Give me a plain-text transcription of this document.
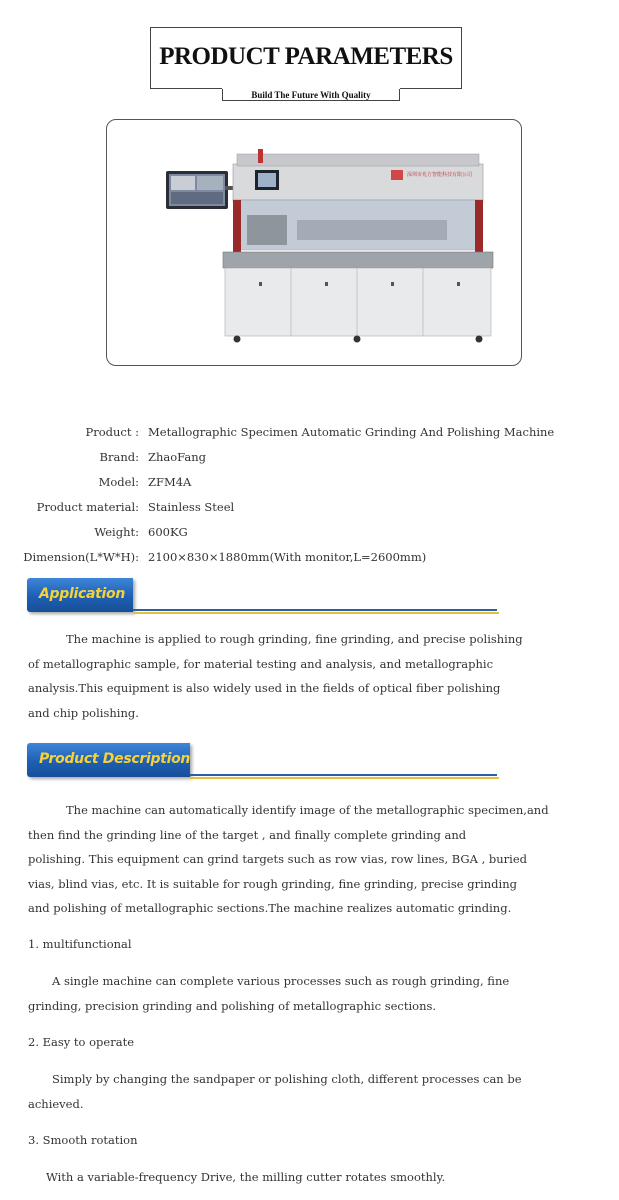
PRODUCT PARAMETERS
Build The Future With Quality
深圳市兆方智能科技有限公司
Product : Metallographic Specimen Automatic Grinding And Polishing Machine
Brand: ZhaoFang
Model: ZFM4A
Product material: Stainless Steel
Weight: 600KG
Dimension(L*W*H): 2100×830×1880mm(With monitor,L=2600mm)
Application
The machine is applied to rough grinding, fine grinding, and precise polishing
of metallographic sample, for material testing and analysis, and metallographic
analysis.This equipment is also widely used in the fields of optical fiber polishing
and chip polishing.
Product Description
The machine can automatically identify image of the metallographic specimen,and
then find the grinding line of the target , and finally complete grinding and
polishing. This equipment can grind targets such as row vias, row lines, BGA , buried
vias, blind vias, etc. It is suitable for rough grinding, fine grinding, precise grinding
and polishing of metallographic sections.The machine realizes automatic grinding.
1. multifunctional
A single machine can complete various processes such as rough grinding, fine
grinding, precision grinding and polishing of metallographic sections.
2. Easy to operate
Simply by changing the sandpaper or polishing cloth, different processes can be
achieved.
3. Smooth rotation
With a variable-frequency Drive, the milling cutter rotates smoothly.
